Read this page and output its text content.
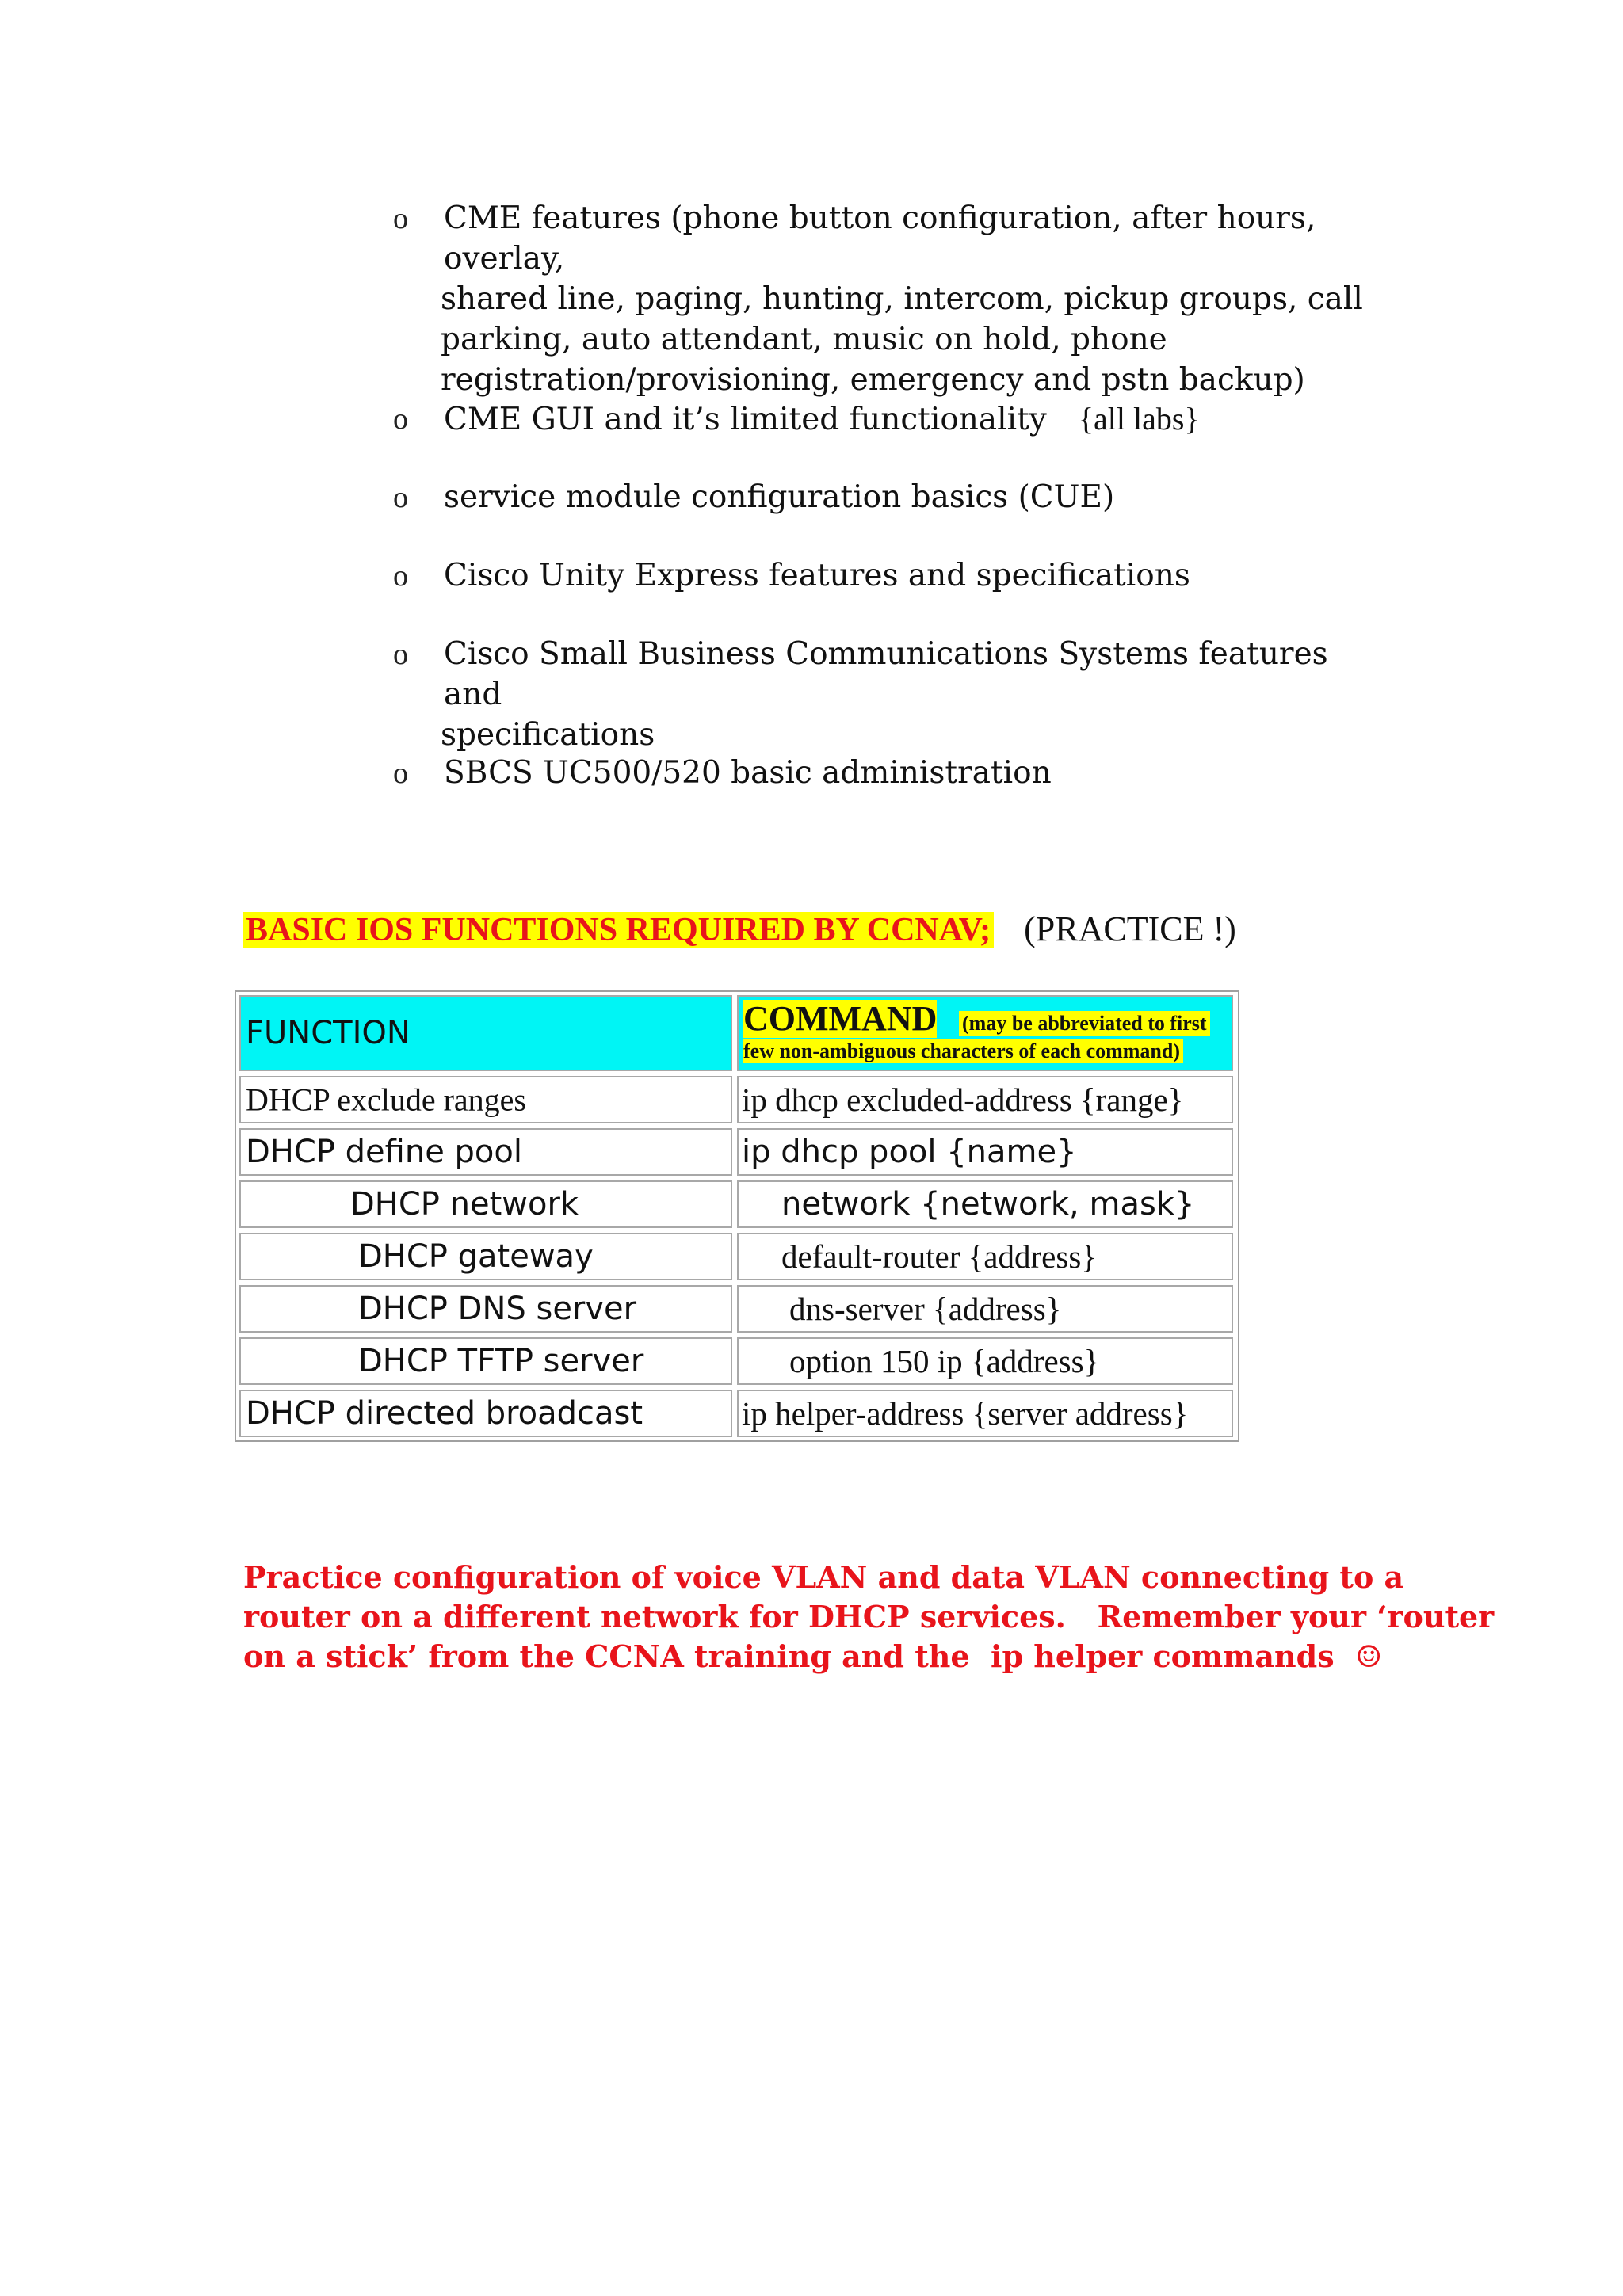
o CME features (phone button configuration, after hours, overlay,
shared line, paging, hunting, intercom, pickup groups, call
parking, auto attendant, music on hold, phone
registration/provisioning, emergency and pstn backup)
o CME GUI and it’s limited functionality {all labs}
o service module configuration basics (CUE)
o Cisco Unity Express features and specifications
o Cisco Small Business Communications Systems features and
specifications
o SBCS UC500/520 basic administration
BASIC IOS FUNCTIONS REQUIRED BY CCNAV; (PRACTICE !)
FUNCTION	COMMAND (may be abbreviated to first
few non-ambiguous characters of each command)
DHCP exclude ranges	ip dhcp excluded-address {range}
DHCP define pool	ip dhcp pool {name}
DHCP network	network {network, mask}
DHCP gateway	default-router {address}
DHCP DNS server	dns-server {address}
DHCP TFTP server	option 150 ip {address}
DHCP directed broadcast	ip helper-address {server address}
Practice configuration of voice VLAN and data VLAN connecting to a
router on a different network for DHCP services.   Remember your ‘router
on a stick’ from the CCNA training and the  ip helper commands  ☺
